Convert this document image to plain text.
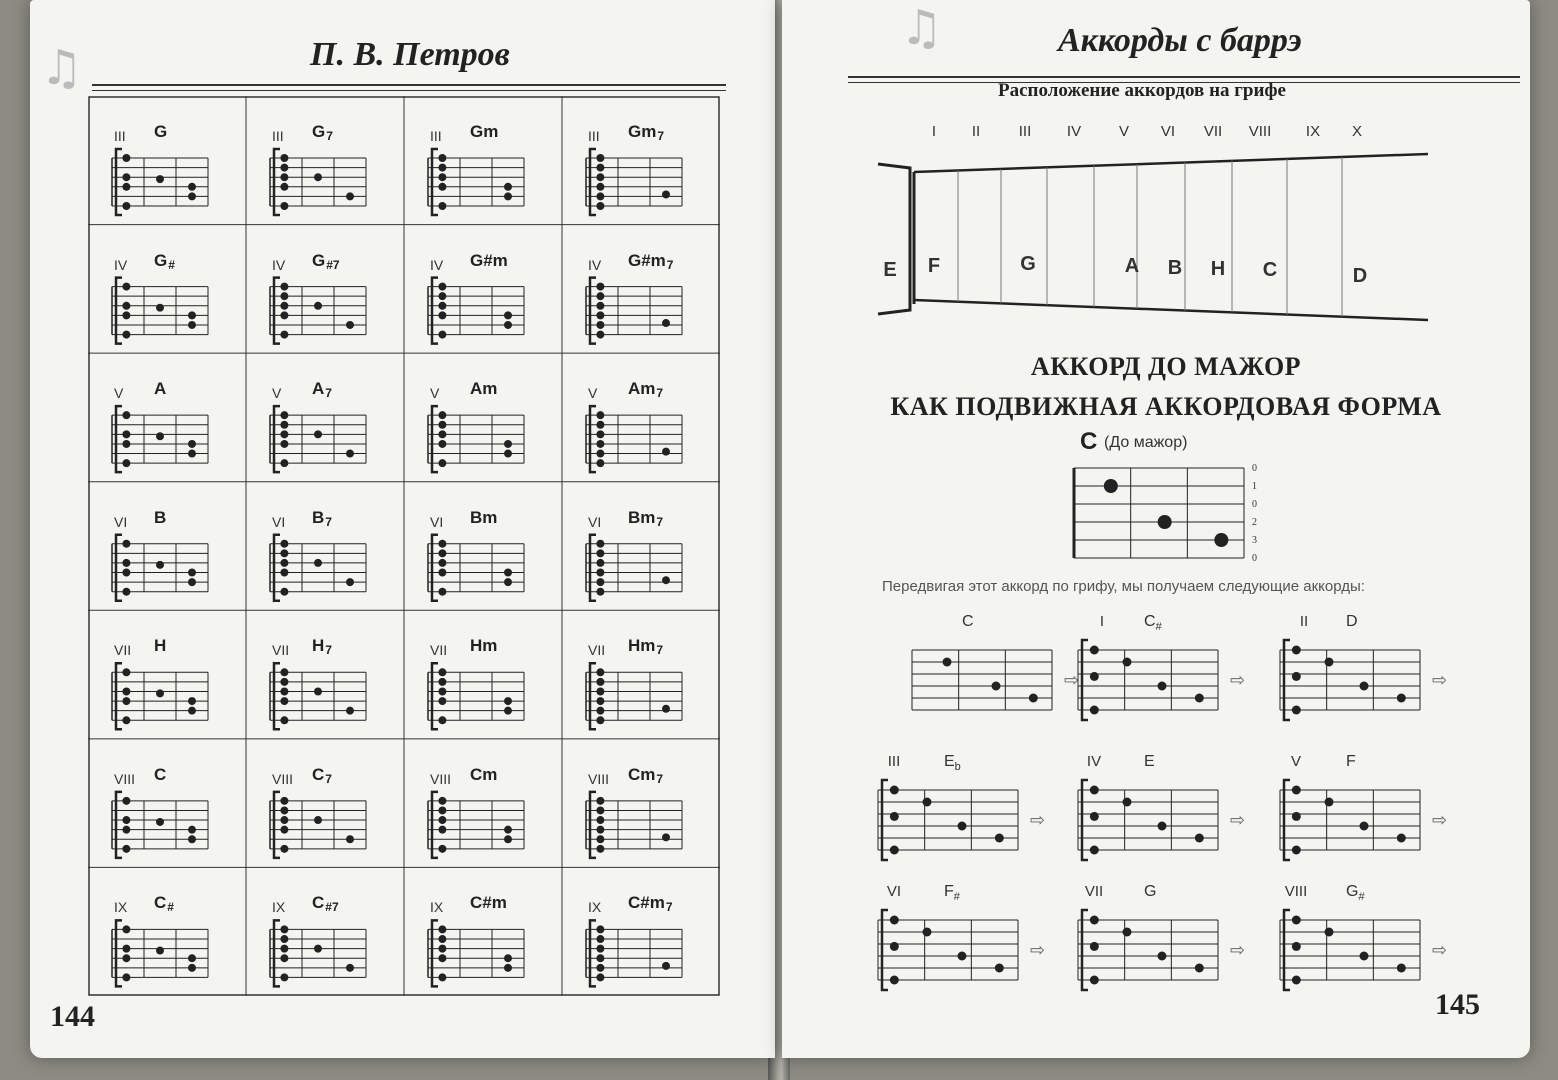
♫	П. В. Петров
III G	III $G_7$	III Gm	III $Gm_7$
IV $G_{\#}$	IV $G_{\#7}$	IV G#m	IV $G\#m_7$
V A	V $A_7$	V Am	V $Am_7$
VI B	VI $B_7$	VI Bm	VI $Bm_7$
VII H	VII $H_7$	VII Hm	VII $Hm_7$
VIII C	VIII $C_7$	VIII Cm	VIII $Cm_7$
IX $C_{\#}$	IX $C_{\#7}$	IX C#m	IX $C\#m_7$
144
♫	Аккорды с баррэ
Расположение аккордов на грифе
I II	III IV	V VI VII VIII IX X
E F	G	A B H C	D
АККОРД ДО МАЖОР
КАК ПОДВИЖНАЯ АККОРДОВАЯ ФОРМА
C (До мажор)
0
1
0
2
3
0
Передвигая этот аккорд по грифу, мы получаем следующие аккорды:
C
⇨
I $C_{\#}$
⇨
II D
⇨
III	$E_b$
⇨
IV	E
⇨
V	F
⇨
VI	$F_{\#}$
⇨
VII	G
⇨
VIII $G_{\#}$
⇨
145
